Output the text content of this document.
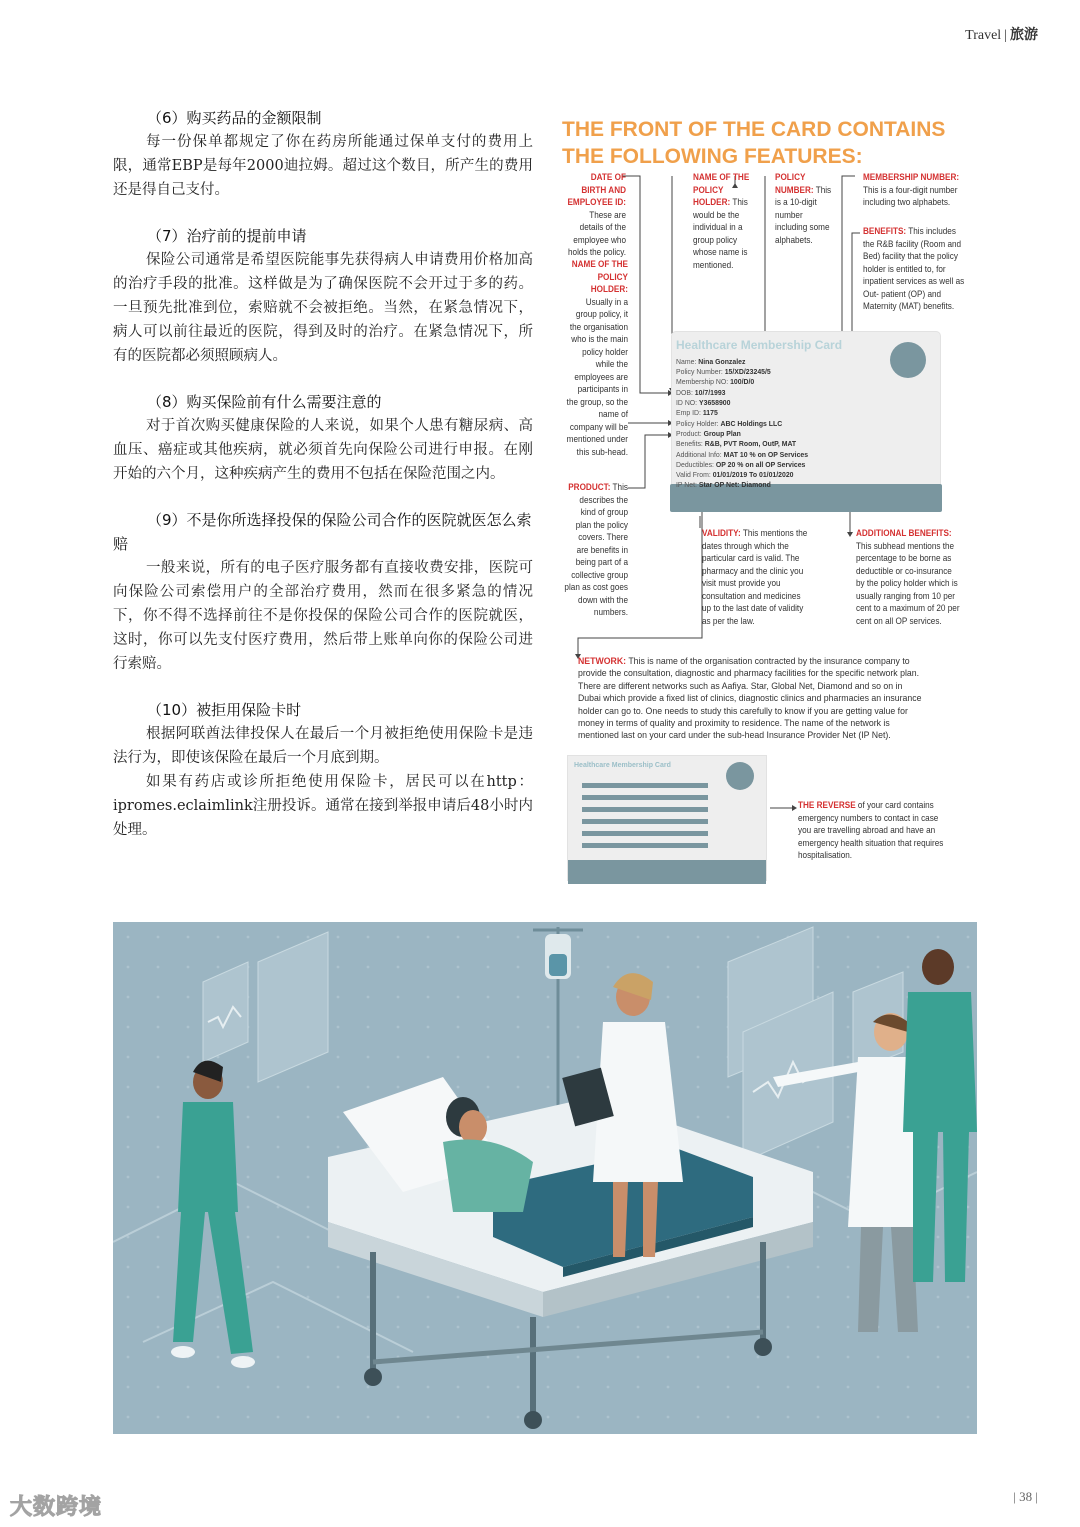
Travel | 旅游
（6）购买药品的金额限制

每一份保单都规定了你在药房所能通过保单支付的费用上限，通常EBP是每年2000迪拉姆。超过这个数目，所产生的费用还是得自己支付。

（7）治疗前的提前申请

保险公司通常是希望医院能事先获得病人申请费用价格加高的治疗手段的批准。这样做是为了确保医院不会开过于多的药。一旦预先批准到位，索赔就不会被拒绝。当然，在紧急情况下，病人可以前往最近的医院，得到及时的治疗。在紧急情况下，所有的医院都必须照顾病人。

（8）购买保险前有什么需要注意的

对于首次购买健康保险的人来说，如果个人患有糖尿病、高血压、癌症或其他疾病，就必须首先向保险公司进行申报。在刚开始的六个月，这种疾病产生的费用不包括在保险范围之内。

（9）不是你所选择投保的保险公司合作的医院就医怎么索赔

一般来说，所有的电子医疗服务都有直接收费安排，医院可向保险公司索偿用户的全部治疗费用，然而在很多紧急的情况下，你不得不选择前往不是你投保的保险公司合作的医院就医，这时，你可以先支付医疗费用，然后带上账单向你的保险公司进行索赔。

（10）被拒用保险卡时

根据阿联酋法律投保人在最后一个月被拒绝使用保险卡是违法行为，即使该保险在最后一个月底到期。

如果有药店或诊所拒绝使用保险卡，居民可以在http：ipromes.eclaimlink注册投诉。通常在接到举报申请后48小时内处理。

THE FRONT OF THE CARD CONTAINS
THE FOLLOWING FEATURES:
DATE OF BIRTH AND EMPLOYEE ID: These are details of the employee who holds the policy.
NAME OF THE POLICY HOLDER: This would be the individual in a group policy whose name is mentioned.
POLICY NUMBER: This is a 10-digit number including some alphabets.
MEMBERSHIP NUMBER: This is a four-digit number including two alphabets.
BENEFITS: This includes the R&B facility (Room and Bed) facility that the policy holder is entitled to, for inpatient services as well as Out- patient (OP) and Maternity (MAT) benefits.
NAME OF THE POLICY HOLDER: Usually in a group policy, it the organisation who is the main policy holder while the employees are participants in the group, so the name of company will be mentioned under this sub-head.
PRODUCT: This describes the kind of group plan the policy covers. There are benefits in being part of a collective group plan as cost goes down with the numbers.
VALIDITY: This mentions the dates through which the particular card is valid. The pharmacy and the clinic you visit must provide you consultation and medicines up to the last date of validity as per the law.
ADDITIONAL BENEFITS: This subhead mentions the percentage to be borne as deductible or co-insurance by the policy holder which is usually ranging from 10 per cent to a maximum of 20 per cent on all OP services.
Healthcare Membership Card
Name: Nina Gonzalez
Policy Number: 15/XD/23245/5
Membership NO: 100/D/0
DOB: 10/7/1993
ID NO: Y3658900
Emp ID: 1175
Policy Holder: ABC Holdings LLC
Product: Group Plan
Benefits: R&B, PVT Room, OutP, MAT
Additional Info: MAT 10 % on OP Services
Deductibles: OP 20 % on all OP Services
Valid From: 01/01/2019 To 01/01/2020
IP Net: Star OP Net: Diamond
NETWORK: This is name of the organisation contracted by the insurance company to provide the consultation, diagnostic and pharmacy facilities for the specific network plan. There are different networks such as Aafiya. Star, Global Net, Diamond and so on in Dubai which provide a fixed list of clinics, diagnostic clinics and pharmacies an insurance holder can go to. One needs to study this carefully to know if you are getting value for money in terms of quality and proximity to residence. The name of the network is mentioned last on your card under the sub-head Insurance Provider Net (IP Net).
Healthcare Membership Card
THE REVERSE of your card contains emergency numbers to contact in case you are travelling abroad and have an emergency health situation that requires hospitalisation.
| 38 |
大数跨境
